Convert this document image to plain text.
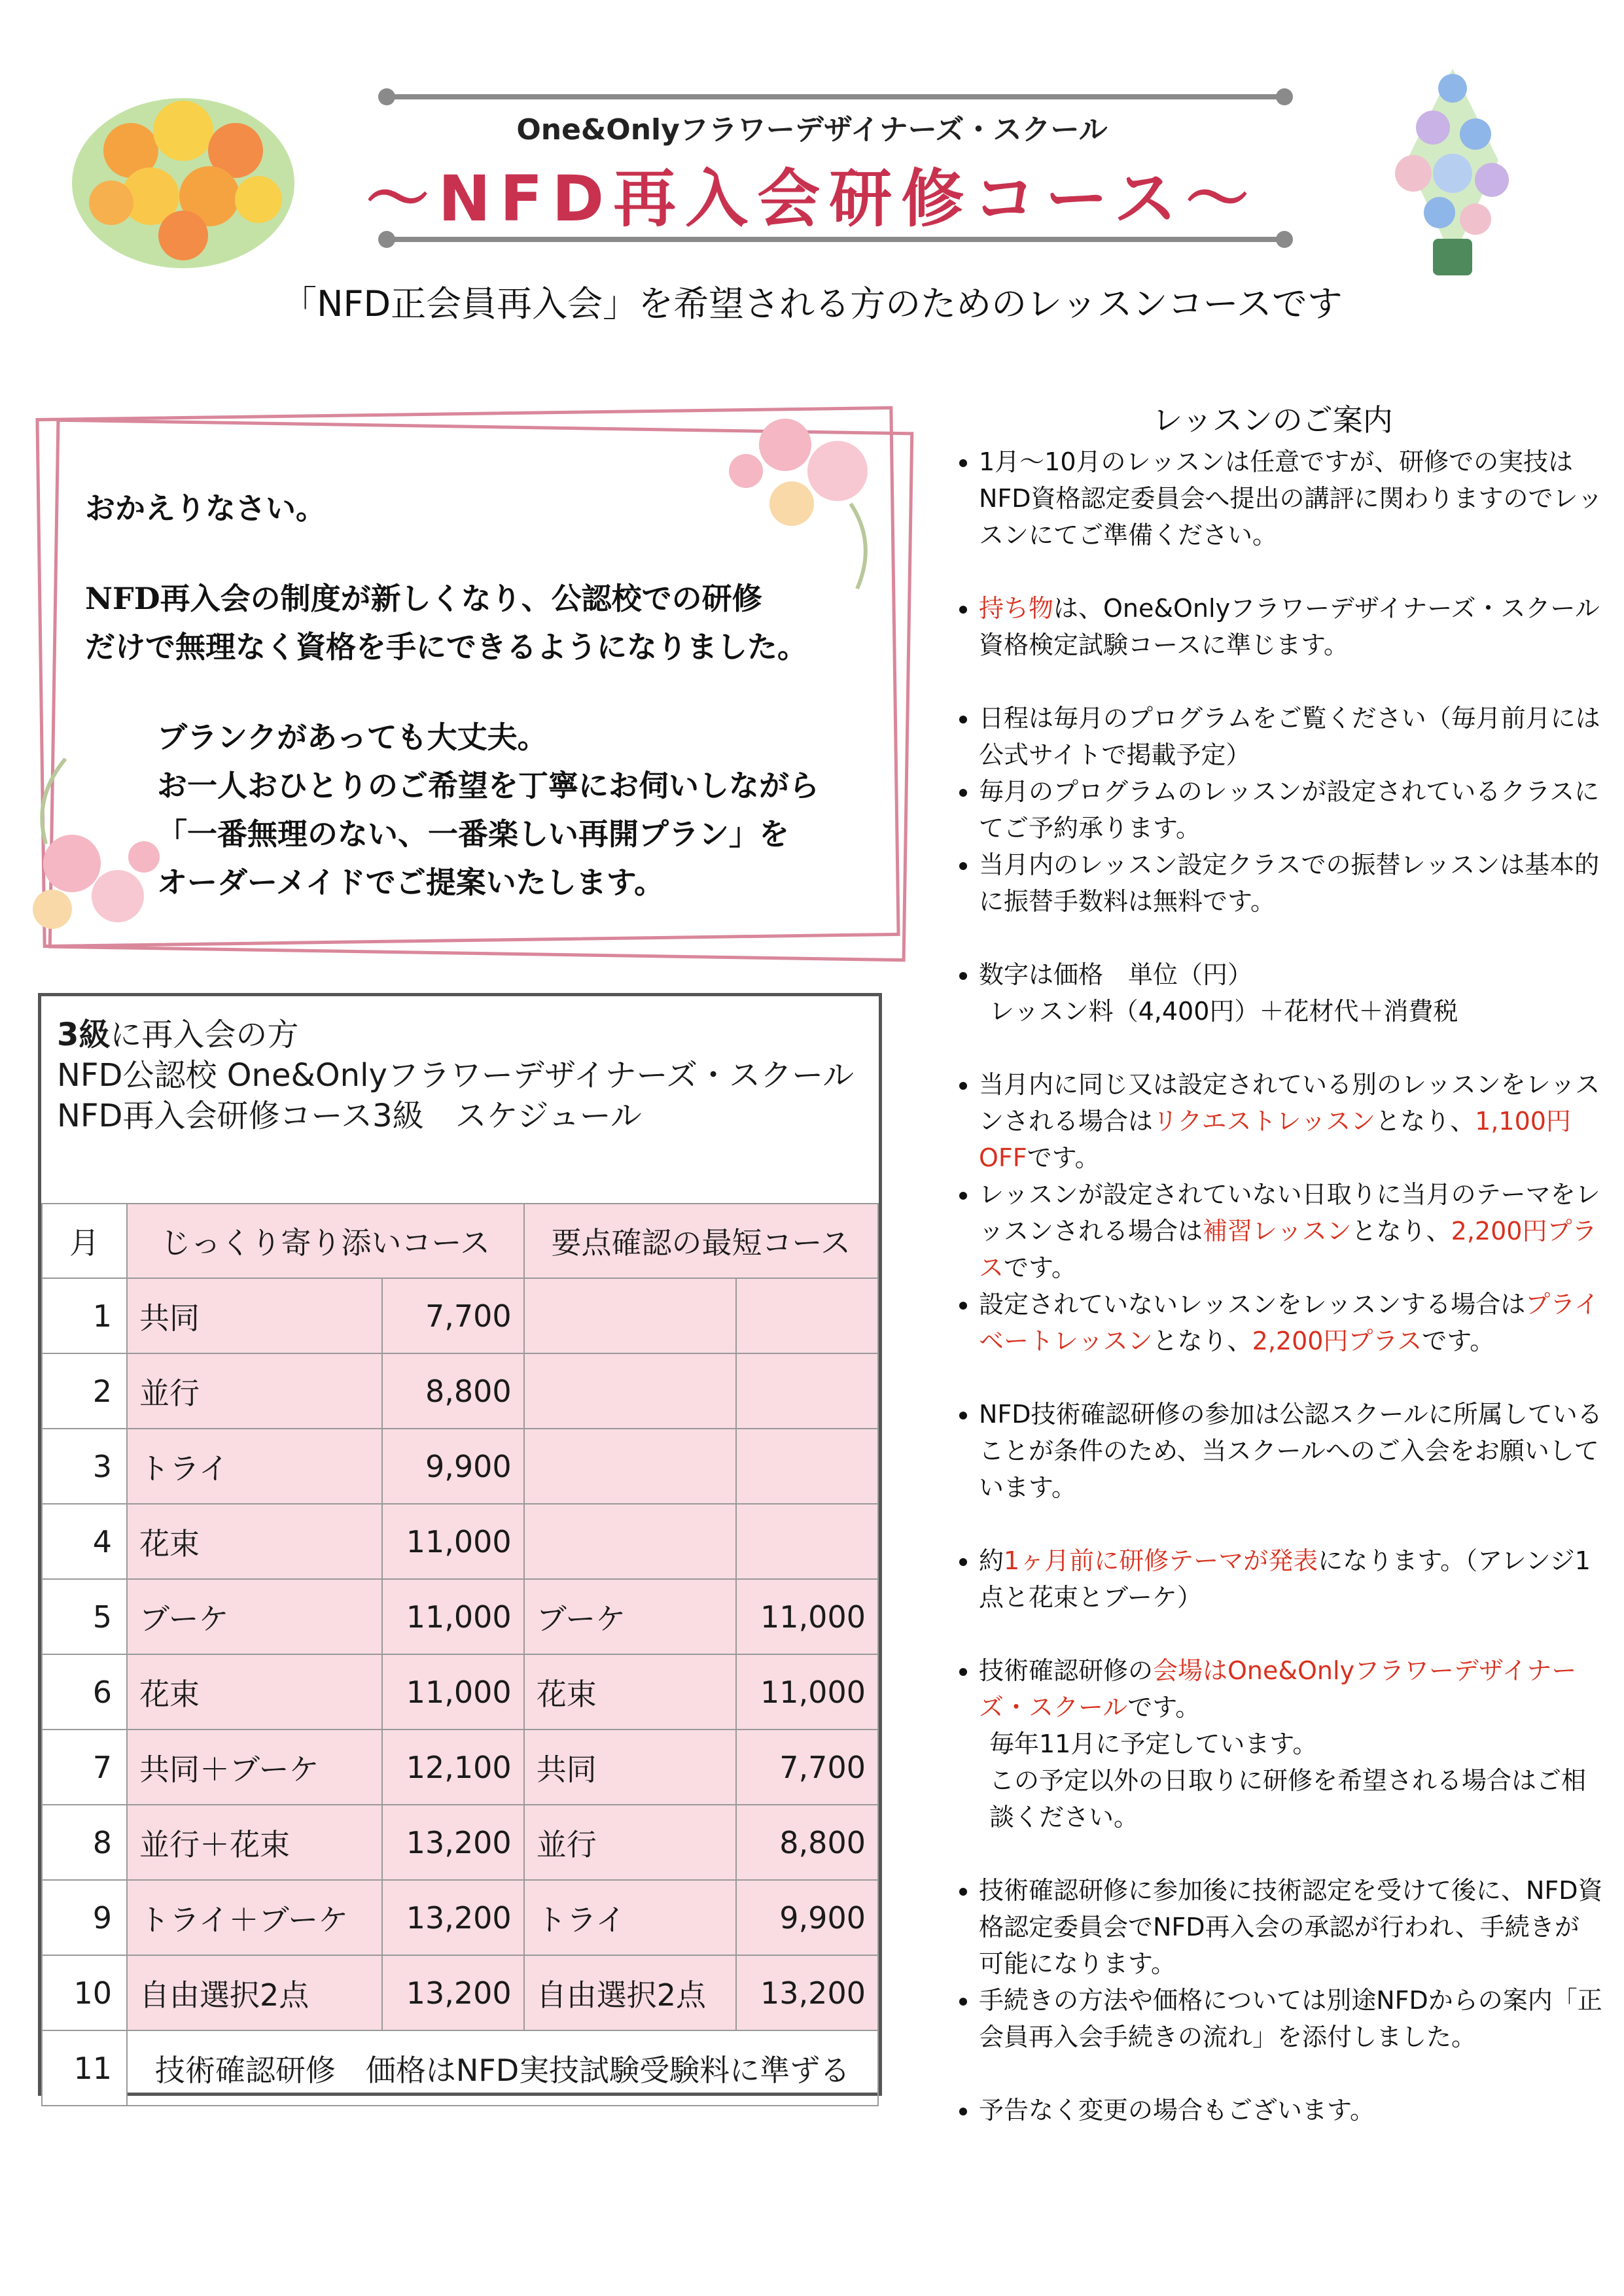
One&Onlyフラワーデザイナーズ・スクール
～NFD再入会研修コース～
「NFD正会員再入会」を希望される方のためのレッスンコースです

おかえりなさい。

NFD再入会の制度が新しくなり、公認校での研修

だけで無理なく資格を手にできるようになりました。

ブランクがあっても大丈夫。

お一人おひとりのご希望を丁寧にお伺いしながら

「一番無理のない、一番楽しい再開プラン」を

オーダーメイドでご提案いたします。

3級に再入会の方
NFD公認校 One&Onlyフラワーデザイナーズ・スクール
NFD再入会研修コース3級　スケジュール
月	じっくり寄り添いコース		要点確認の最短コース	
1	共同	7,700		
2	並行	8,800		
3	トライ	9,900		
4	花束	11,000		
5	ブーケ	11,000	ブーケ	11,000
6	花束	11,000	花束	11,000
7	共同＋ブーケ	12,100	共同	7,700
8	並行＋花束	13,200	並行	8,800
9	トライ＋ブーケ	13,200	トライ	9,900
10	自由選択2点	13,200	自由選択2点	13,200
11	技術確認研修　価格はNFD実技試験受験料に準ずる			
レッスンのご案内
• 1月〜10月のレッスンは任意ですが、研修での実技はNFD資格認定委員会へ提出の講評に関わりますのでレッスンにてご準備ください。
• 持ち物は、One&Onlyフラワーデザイナーズ・スクール資格検定試験コースに準じます。
• 日程は毎月のプログラムをご覧ください（毎月前月には公式サイトで掲載予定）
• 毎月のプログラムのレッスンが設定されているクラスにてご予約承ります。
• 当月内のレッスン設定クラスでの振替レッスンは基本的に振替手数料は無料です。
• 数字は価格　単位（円）
レッスン料（4,400円）＋花材代＋消費税
• 当月内に同じ又は設定されている別のレッスンをレッスンされる場合はリクエストレッスンとなり、1,100円OFFです。
• レッスンが設定されていない日取りに当月のテーマをレッスンされる場合は補習レッスンとなり、2,200円プラスです。
• 設定されていないレッスンをレッスンする場合はプライベートレッスンとなり、2,200円プラスです。
• NFD技術確認研修の参加は公認スクールに所属していることが条件のため、当スクールへのご入会をお願いしています。
• 約1ヶ月前に研修テーマが発表になります。（アレンジ1点と花束とブーケ）
• 技術確認研修の会場はOne&Onlyフラワーデザイナーズ・スクールです。
毎年11月に予定しています。
この予定以外の日取りに研修を希望される場合はご相談ください。
• 技術確認研修に参加後に技術認定を受けて後に、NFD資格認定委員会でNFD再入会の承認が行われ、手続きが可能になります。
• 手続きの方法や価格については別途NFDからの案内「正会員再入会手続きの流れ」を添付しました。
• 予告なく変更の場合もございます。
